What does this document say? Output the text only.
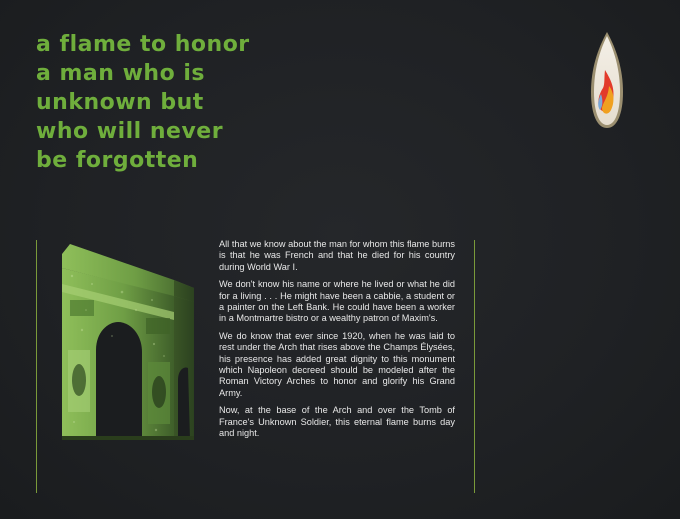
a flame to honor
a man who is
unknown but
who will never
be forgotten

All that we know about the man for whom this flame burns is that he was French and that he died for his country during World War I.

We don't know his name or where he lived or what he did for a living . . . He might have been a cabbie, a student or a painter on the Left Bank. He could have been a worker in a Montmartre bistro or a wealthy patron of Maxim's.

We do know that ever since 1920, when he was laid to rest under the Arch that rises above the Champs Élysées, his presence has added great dignity to this monument which Napoleon decreed should be modeled after the Roman Victory Arches to honor and glorify his Grand Army.

Now, at the base of the Arch and over the Tomb of France's Unknown Soldier, this eternal flame burns day and night.
